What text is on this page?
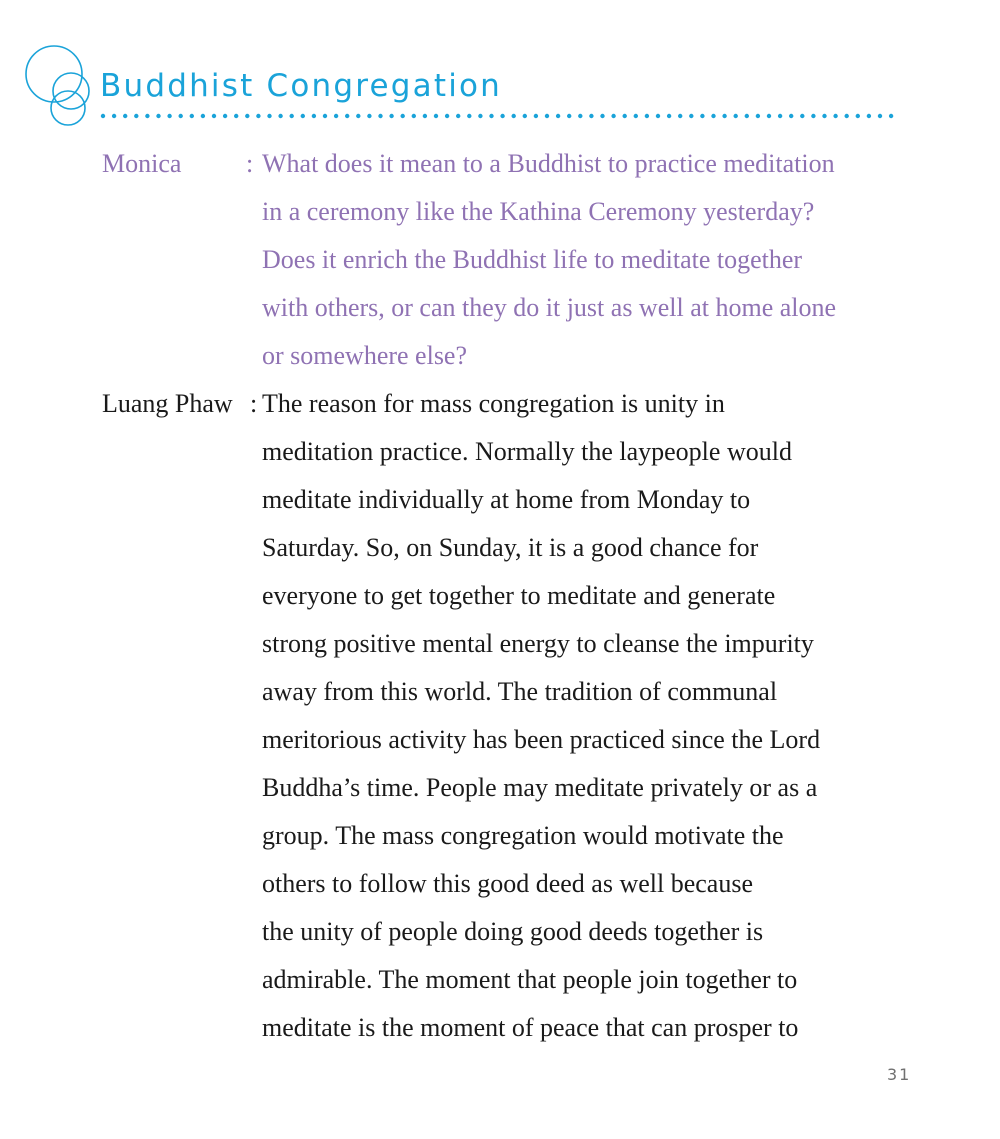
Buddhist Congregation
Monica : What does it mean to a Buddhist to practice meditation
in a ceremony like the Kathina Ceremony yesterday?
Does it enrich the Buddhist life to meditate together
with others, or can they do it just as well at home alone
or somewhere else?
Luang Phaw : The reason for mass congregation is unity in
meditation practice. Normally the laypeople would
meditate individually at home from Monday to
Saturday. So, on Sunday, it is a good chance for
everyone to get together to meditate and generate
strong positive mental energy to cleanse the impurity
away from this world. The tradition of communal
meritorious activity has been practiced since the Lord
Buddha’s time. People may meditate privately or as a
group. The mass congregation would motivate the
others to follow this good deed as well because
the unity of people doing good deeds together is
admirable. The moment that people join together to
meditate is the moment of peace that can prosper to
31
